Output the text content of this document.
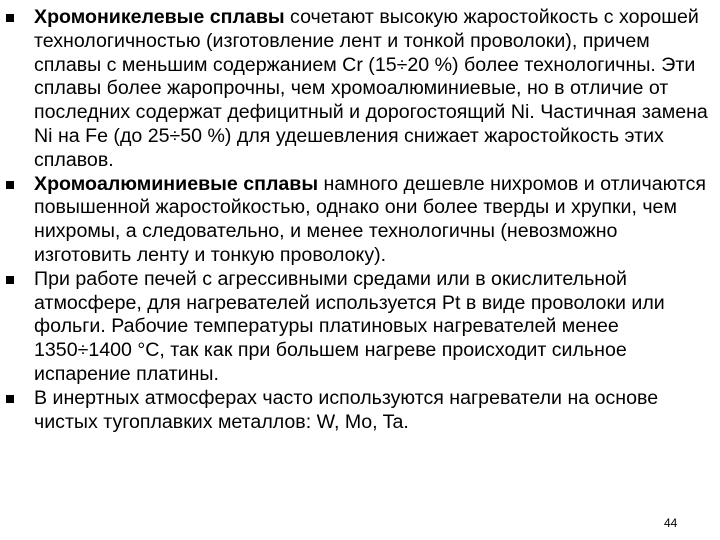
Хромоникелевые сплавы сочетают высокую жаростойкость с хорошей технологичностью (изготовление лент и тонкой проволоки), причем сплавы с меньшим содержанием Cr (15÷20 %) более технологичны. Эти сплавы более жаропрочны, чем хромоалюминиевые, но в отличие от последних содержат дефицитный и дорогостоящий Ni. Частичная замена Ni на Fe (до 25÷50 %) для удешевления снижает жаростойкость этих сплавов.
Хромоалюминиевые сплавы намного дешевле нихромов и отличаются повышенной жаростойкостью, однако они более тверды и хрупки, чем нихромы, а следовательно, и менее технологичны (невозможно изготовить ленту и тонкую проволоку).
При работе печей с агрессивными средами или в окислительной атмосфере, для нагревателей используется Pt в виде проволоки или фольги. Рабочие температуры платиновых нагревателей менее 1350÷1400 °С, так как при большем нагреве происходит сильное испарение платины.
В инертных атмосферах часто используются нагреватели на основе чистых тугоплавких металлов: W, Mo, Ta.
44
